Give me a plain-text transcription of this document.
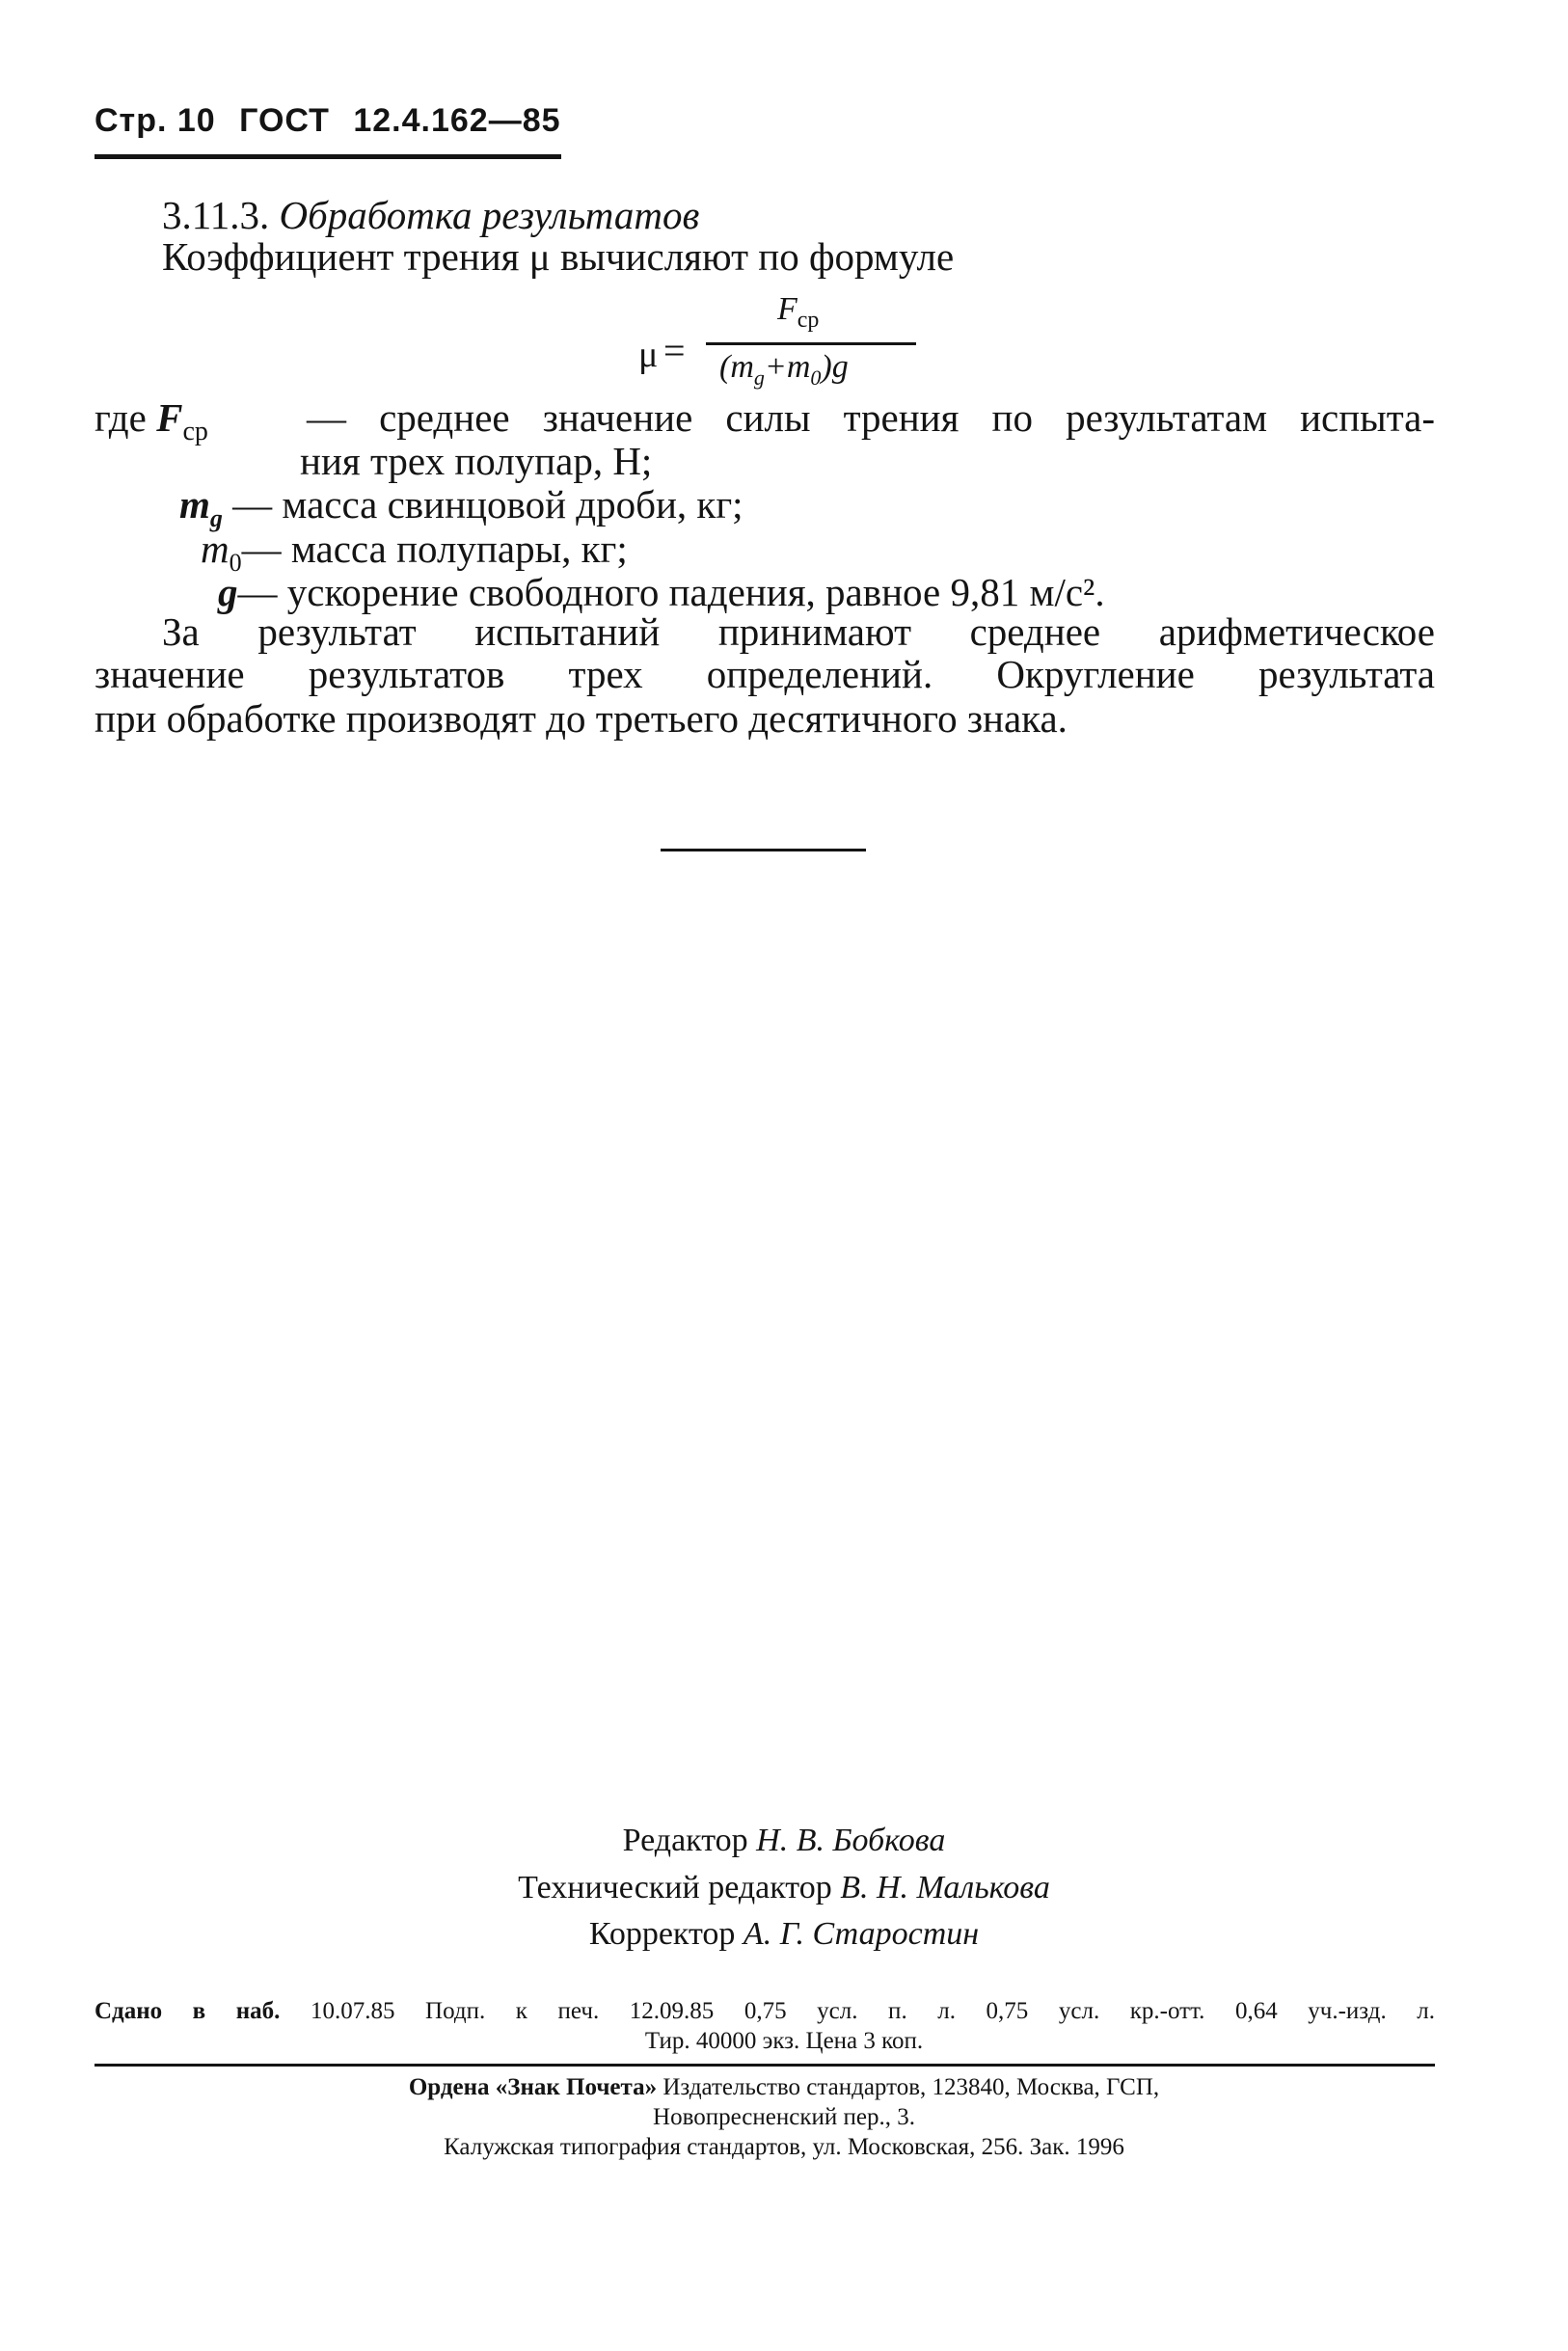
Стр. 10 ГОСТ 12.4.162—85
3.11.3. Обработка результатов
Коэффициент трения μ вычисляют по формуле
μ =
$F_{ср}$
$(m_g+m_0)g$
где $F_{ср}$ — среднее значение силы трения по результатам испыта-
ния трех полупар, Н;
$m_g$ — масса свинцовой дроби, кг;
$m_0—$ масса полупары, кг;
g— ускорение свободного падения, равное 9,81 м/с².
За результат испытаний принимают среднее арифметическое
значение результатов трех определений. Округление результата
при обработке производят до третьего десятичного знака.
Редактор Н. В. Бобкова
Технический редактор В. Н. Малькова
Корректор А. Г. Старостин
Сдано в наб. 10.07.85 Подп. к печ. 12.09.85 0,75 усл. п. л. 0,75 усл. кр.-отт. 0,64 уч.-изд. л.
Тир. 40000 экз. Цена 3 коп.
Ордена «Знак Почета» Издательство стандартов, 123840, Москва, ГСП,
Новопресненский пер., 3.
Калужская типография стандартов, ул. Московская, 256. Зак. 1996
